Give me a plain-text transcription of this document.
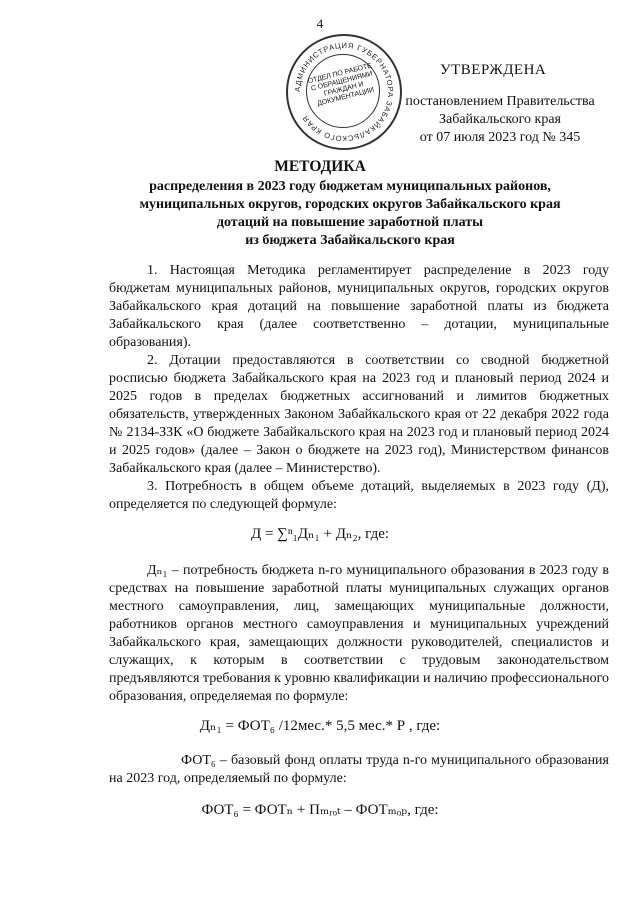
4
АДМИНИСТРАЦИЯ ГУБЕРНАТОРА ЗАБАЙКАЛЬСКОГО КРАЯ
ОТДЕЛ ПО РАБОТЕ С ОБРАЩЕНИЯМИ ГРАЖДАН И ДОКУМЕНТАЦИИ
УТВЕРЖДЕНА
постановлением Правительства
Забайкальского края
от 07 июля 2023 год № 345
МЕТОДИКА
распределения в 2023 году бюджетам муниципальных районов,
муниципальных округов, городских округов Забайкальского края
дотаций на повышение заработной платы
из бюджета Забайкальского края
1. Настоящая Методика регламентирует распределение в 2023 году бюджетам муниципальных районов, муниципальных округов, городских округов Забайкальского края дотаций на повышение заработной платы из бюджета Забайкальского края (далее соответственно – дотации, муниципальные образования).
2. Дотации предоставляются в соответствии со сводной бюджетной росписью бюджета Забайкальского края на 2023 год и плановый период 2024 и 2025 годов в пределах бюджетных ассигнований и лимитов бюджетных обязательств, утвержденных Законом Забайкальского края от 22 декабря 2022 года № 2134-ЗЗК «О бюджете Забайкальского края на 2023 год и плановый период 2024 и 2025 годов» (далее – Закон о бюджете на 2023 год), Министерством финансов Забайкальского края (далее – Министерство).
3. Потребность в общем объеме дотаций, выделяемых в 2023 году (Д), определяется по следующей формуле:
Д = ∑ⁿ₁Дₙ₁ + Дₙ₂, где:
Дₙ₁ – потребность бюджета n-го муниципального образования в 2023 году в средствах на повышение заработной платы муниципальных служащих органов местного самоуправления, лиц, замещающих муниципальные должности, работников органов местного самоуправления и муниципальных учреждений Забайкальского края, замещающих должности руководителей, специалистов и служащих, к которым в соответствии с трудовым законодательством предъявляются требования к уровню квалификации и наличию профессионального образования, определяемая по формуле:
Дₙ₁ = ФОТ₆ /12мес.* 5,5 мес.* Р , где:
ФОТ₆ – базовый фонд оплаты труда n-го муниципального образования на 2023 год, определяемый по формуле:
ФОТ₆ = ФОТₙ + Пₘᵣₒₜ – ФОТₘₒₚ, где:
